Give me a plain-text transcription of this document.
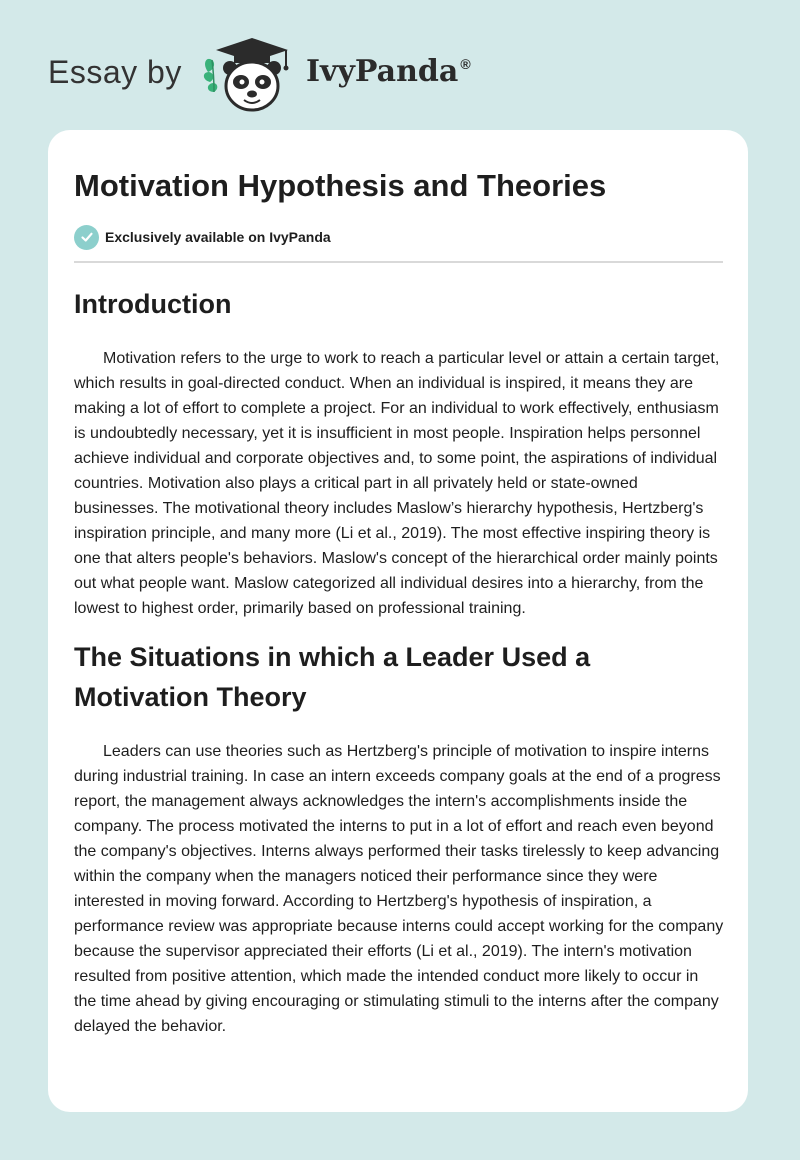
Essay by	IvyPanda ®
Motivation Hypothesis and Theories
Exclusively available on IvyPanda
Introduction

Motivation refers to the urge to work to reach a particular level or attain a certain target, which results in goal-directed conduct. When an individual is inspired, it means they are making a lot of effort to complete a project. For an individual to work effectively, enthusiasm is undoubtedly necessary, yet it is insufficient in most people. Inspiration helps personnel achieve individual and corporate objectives and, to some point, the aspirations of individual countries. Motivation also plays a critical part in all privately held or state-owned businesses. The motivational theory includes Maslow’s hierarchy hypothesis, Hertzberg's inspiration principle, and many more (Li et al., 2019). The most effective inspiring theory is one that alters people's behaviors. Maslow's concept of the hierarchical order mainly points out what people want. Maslow categorized all individual desires into a hierarchy, from the lowest to highest order, primarily based on professional training.

The Situations in which a Leader Used a Motivation Theory

Leaders can use theories such as Hertzberg's principle of motivation to inspire interns during industrial training. In case an intern exceeds company goals at the end of a progress report, the management always acknowledges the intern's accomplishments inside the company. The process motivated the interns to put in a lot of effort and reach even beyond the company's objectives. Interns always performed their tasks tirelessly to keep advancing within the company when the managers noticed their performance since they were interested in moving forward. According to Hertzberg's hypothesis of inspiration, a performance review was appropriate because interns could accept working for the company because the supervisor appreciated their efforts (Li et al., 2019). The intern's motivation resulted from positive attention, which made the intended conduct more likely to occur in the time ahead by giving encouraging or stimulating stimuli to the interns after the company delayed the behavior.
